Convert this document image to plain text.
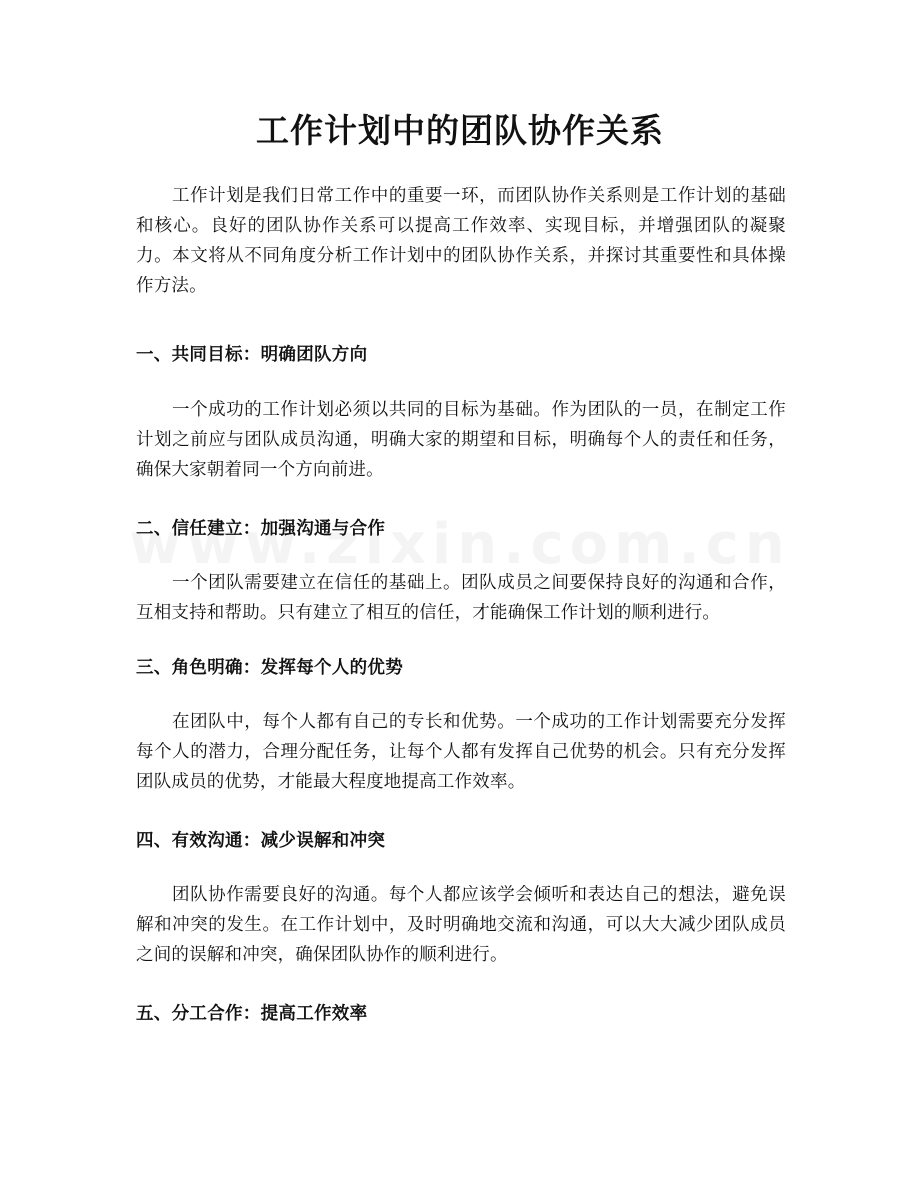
工作计划中的团队协作关系

工作计划是我们日常工作中的重要一环，而团队协作关系则是工作计划的基础和核心。良好的团队协作关系可以提高工作效率、实现目标，并增强团队的凝聚力。本文将从不同角度分析工作计划中的团队协作关系，并探讨其重要性和具体操作方法。

一、共同目标：明确团队方向

一个成功的工作计划必须以共同的目标为基础。作为团队的一员，在制定工作计划之前应与团队成员沟通，明确大家的期望和目标，明确每个人的责任和任务，确保大家朝着同一个方向前进。

二、信任建立：加强沟通与合作

一个团队需要建立在信任的基础上。团队成员之间要保持良好的沟通和合作，互相支持和帮助。只有建立了相互的信任，才能确保工作计划的顺利进行。

三、角色明确：发挥每个人的优势

在团队中，每个人都有自己的专长和优势。一个成功的工作计划需要充分发挥每个人的潜力，合理分配任务，让每个人都有发挥自己优势的机会。只有充分发挥团队成员的优势，才能最大程度地提高工作效率。

四、有效沟通：减少误解和冲突

团队协作需要良好的沟通。每个人都应该学会倾听和表达自己的想法，避免误解和冲突的发生。在工作计划中，及时明确地交流和沟通，可以大大减少团队成员之间的误解和冲突，确保团队协作的顺利进行。

五、分工合作：提高工作效率
